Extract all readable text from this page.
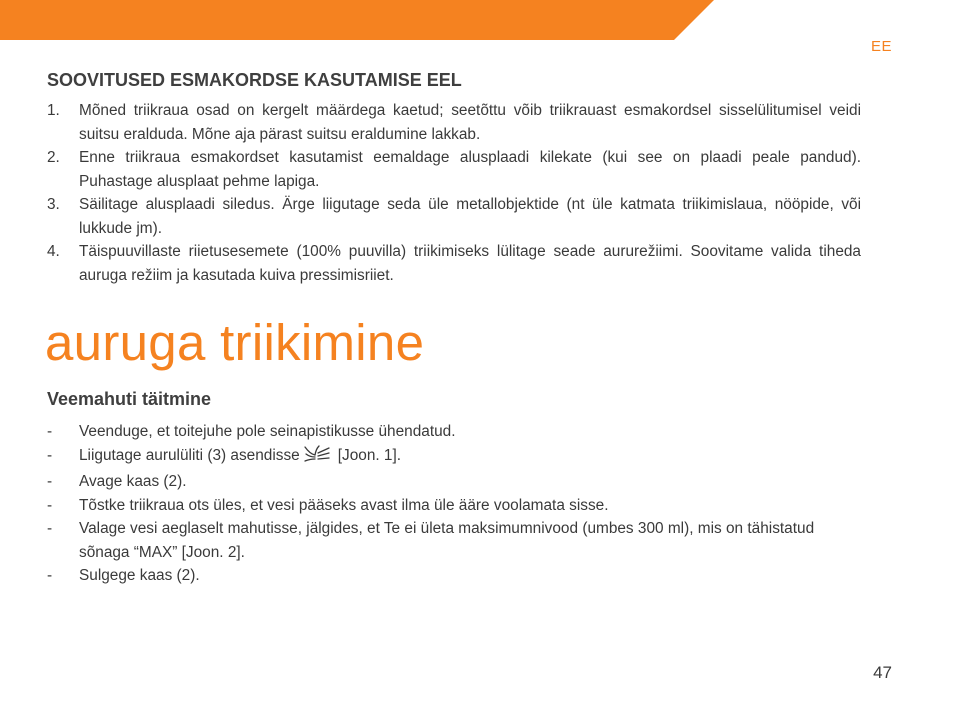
EE
SOOVITUSED ESMAKORDSE KASUTAMISE EEL
1. Mõned triikraua osad on kergelt määrdega kaetud; seetõttu võib triikrauast esmakordsel sisselülitumisel veidi suitsu eralduda. Mõne aja pärast suitsu eraldumine lakkab.
2. Enne triikraua esmakordset kasutamist eemaldage alusplaadi kilekate (kui see on plaadi peale pandud). Puhastage alusplaat pehme lapiga.
3. Säilitage alusplaadi siledus. Ärge liigutage seda üle metallobjektide (nt üle katmata triikimislaua, nööpide, või lukkude jm).
4. Täispuuvillaste riietusesemete (100% puuvilla) triikimiseks lülitage seade aururežiimi. Soovitame valida tiheda auruga režiim ja kasutada kuiva pressimisriiet.
auruga triikimine
Veemahuti täitmine
- Veenduge, et toitejuhe pole seinapistikusse ühendatud.
- Liigutage aurulüliti (3) asendisse [Joon. 1].
- Avage kaas (2).
- Tõstke triikraua ots üles, et vesi pääseks avast ilma üle ääre voolamata sisse.
- Valage vesi aeglaselt mahutisse, jälgides, et Te ei ületa maksimumnivood (umbes 300 ml), mis on tähistatud sõnaga “MAX” [Joon. 2].
- Sulgege kaas (2).
47
